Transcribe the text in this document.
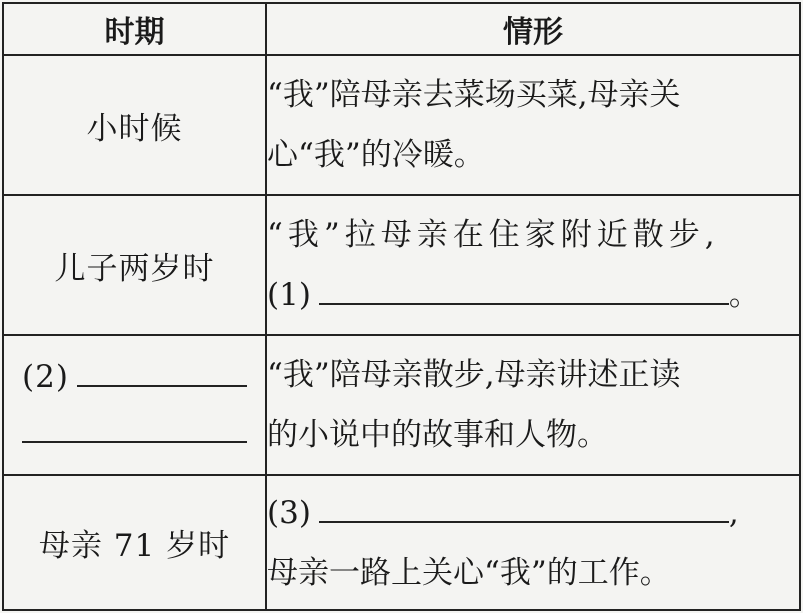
时期	情形
小时候	“我”陪母亲去菜场买菜,母亲关
心“我”的冷暖。

儿子两岁时	“我”拉母亲在住家附近散步,
(1) 。

(2)	“我”陪母亲散步,母亲讲述正读
的小说中的故事和人物。

母亲 71 岁时	(3) ,
母亲一路上关心“我”的工作。
